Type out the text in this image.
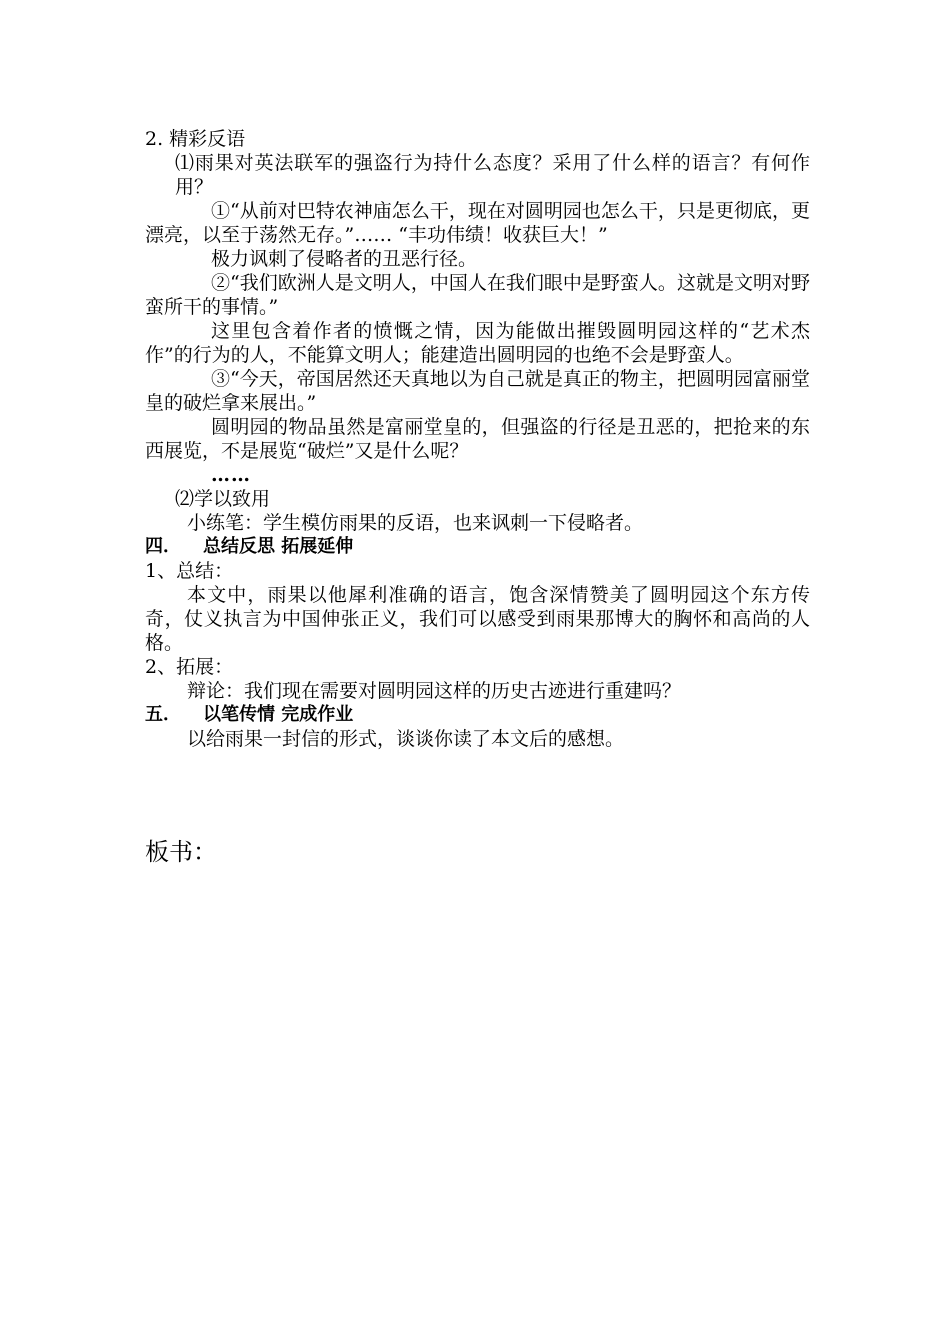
2. 精彩反语
⑴雨果对英法联军的强盗行为持什么态度？采用了什么样的语言？有何作用？
①“从前对巴特农神庙怎么干，现在对圆明园也怎么干，只是更彻底，更漂亮，以至于荡然无存。”…… “丰功伟绩！收获巨大！”
极力讽刺了侵略者的丑恶行径。
②“我们欧洲人是文明人，中国人在我们眼中是野蛮人。这就是文明对野蛮所干的事情。”
这里包含着作者的愤慨之情，因为能做出摧毁圆明园这样的“艺术杰作”的行为的人，不能算文明人；能建造出圆明园的也绝不会是野蛮人。
③“今天，帝国居然还天真地以为自己就是真正的物主，把圆明园富丽堂皇的破烂拿来展出。”
圆明园的物品虽然是富丽堂皇的，但强盗的行径是丑恶的，把抢来的东西展览，不是展览“破烂”又是什么呢？
……
⑵学以致用
小练笔：学生模仿雨果的反语，也来讽刺一下侵略者。
四． 总结反思 拓展延伸
1、总结：
本文中，雨果以他犀利准确的语言，饱含深情赞美了圆明园这个东方传奇，仗义执言为中国伸张正义，我们可以感受到雨果那博大的胸怀和高尚的人格。
2、拓展：
辩论：我们现在需要对圆明园这样的历史古迹进行重建吗？
五． 以笔传情 完成作业
以给雨果一封信的形式，谈谈你读了本文后的感想。
板书：
